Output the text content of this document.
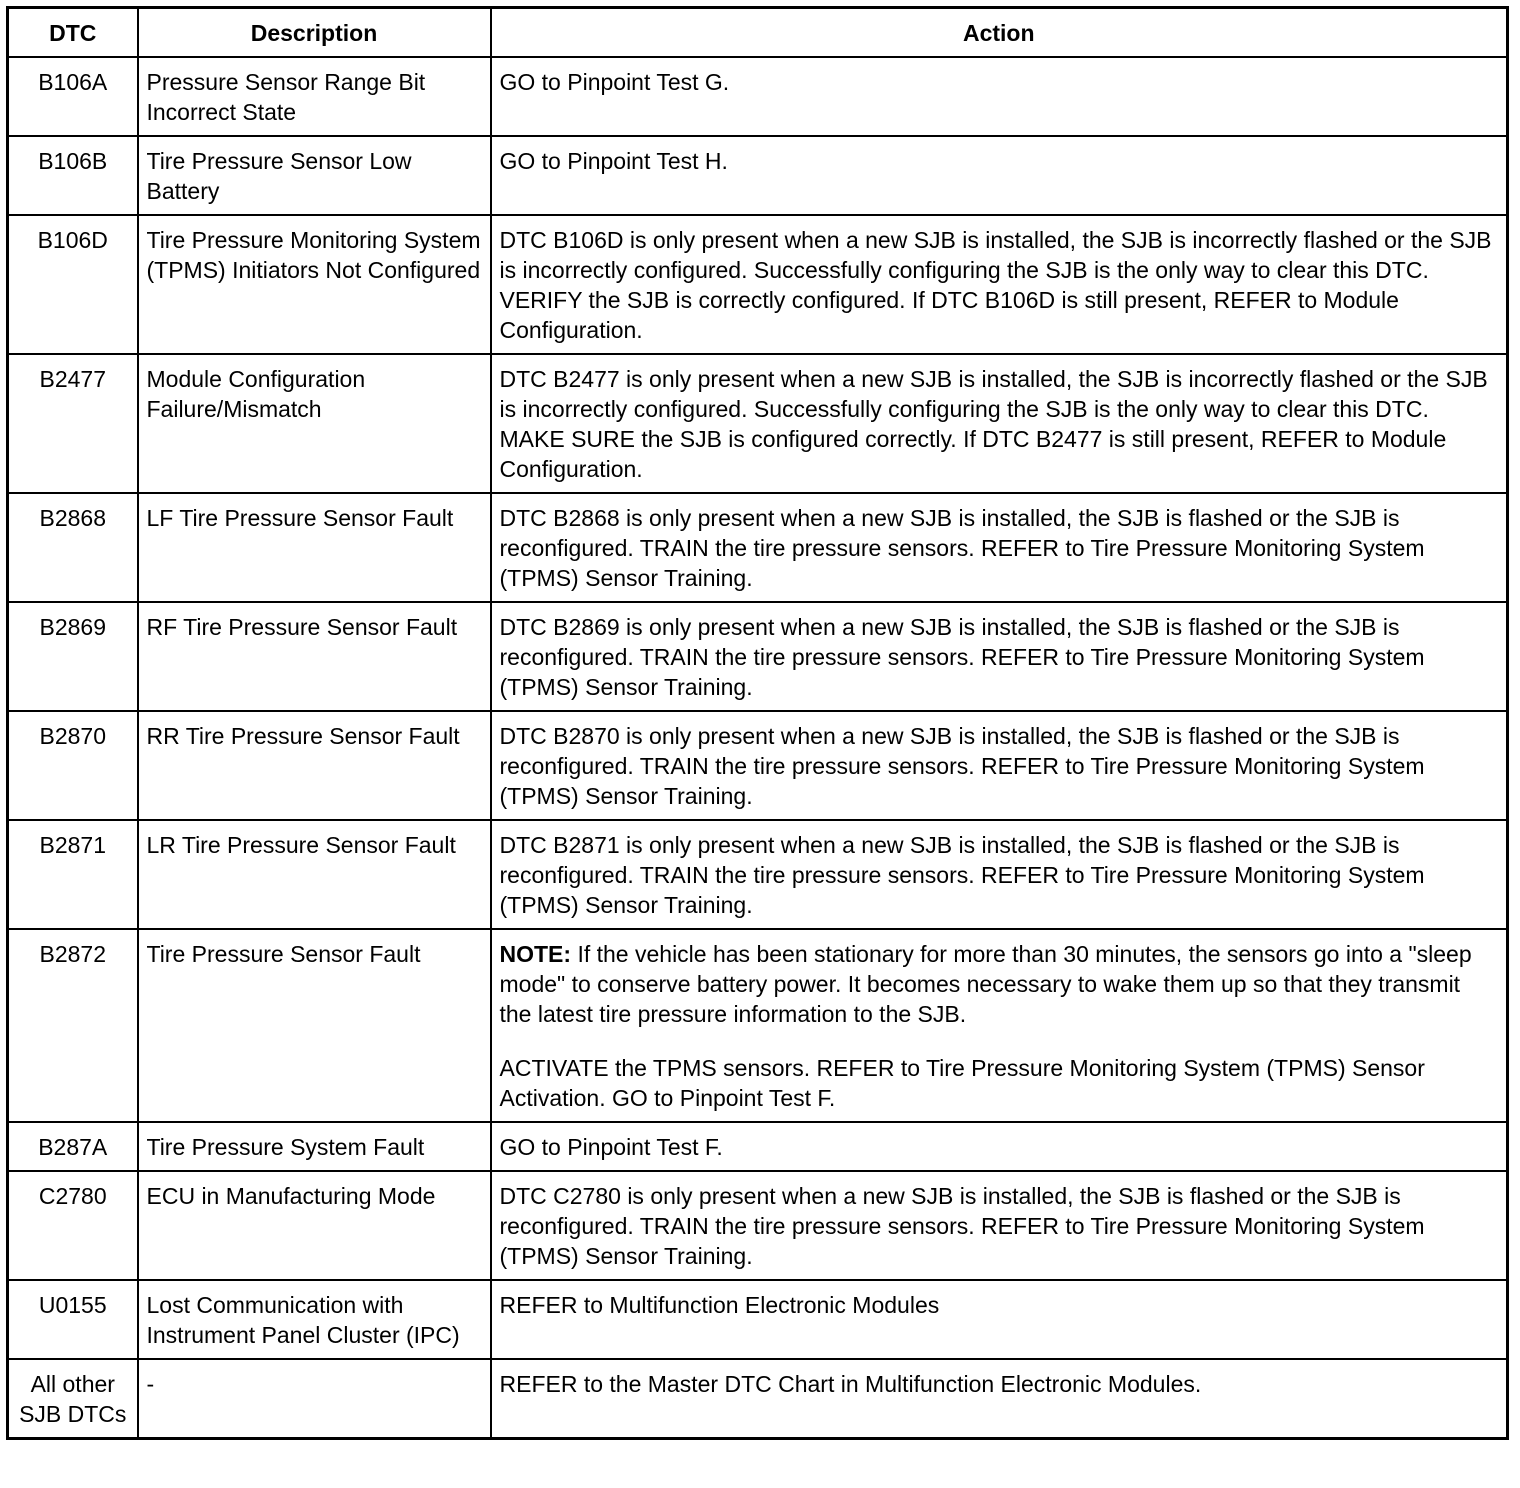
DTC	Description	Action
B106A	Pressure Sensor Range Bit Incorrect State	GO to Pinpoint Test G.
B106B	Tire Pressure Sensor Low Battery	GO to Pinpoint Test H.
B106D	Tire Pressure Monitoring System (TPMS) Initiators Not Configured	DTC B106D is only present when a new SJB is installed, the SJB is incorrectly flashed or the SJB is incorrectly configured. Successfully configuring the SJB is the only way to clear this DTC. VERIFY the SJB is correctly configured. If DTC B106D is still present, REFER to Module Configuration.
B2477	Module Configuration Failure/Mismatch	DTC B2477 is only present when a new SJB is installed, the SJB is incorrectly flashed or the SJB is incorrectly configured. Successfully configuring the SJB is the only way to clear this DTC. MAKE SURE the SJB is configured correctly. If DTC B2477 is still present, REFER to Module Configuration.
B2868	LF Tire Pressure Sensor Fault	DTC B2868 is only present when a new SJB is installed, the SJB is flashed or the SJB is reconfigured. TRAIN the tire pressure sensors. REFER to Tire Pressure Monitoring System (TPMS) Sensor Training.
B2869	RF Tire Pressure Sensor Fault	DTC B2869 is only present when a new SJB is installed, the SJB is flashed or the SJB is reconfigured. TRAIN the tire pressure sensors. REFER to Tire Pressure Monitoring System (TPMS) Sensor Training.
B2870	RR Tire Pressure Sensor Fault	DTC B2870 is only present when a new SJB is installed, the SJB is flashed or the SJB is reconfigured. TRAIN the tire pressure sensors. REFER to Tire Pressure Monitoring System (TPMS) Sensor Training.
B2871	LR Tire Pressure Sensor Fault	DTC B2871 is only present when a new SJB is installed, the SJB is flashed or the SJB is reconfigured. TRAIN the tire pressure sensors. REFER to Tire Pressure Monitoring System (TPMS) Sensor Training.
B2872	Tire Pressure Sensor Fault	NOTE: If the vehicle has been stationary for more than 30 minutes, the sensors go into a "sleep mode" to conserve battery power. It becomes necessary to wake them up so that they transmit the latest tire pressure information to the SJB.

ACTIVATE the TPMS sensors. REFER to Tire Pressure Monitoring System (TPMS) Sensor Activation. GO to Pinpoint Test F.

B287A	Tire Pressure System Fault	GO to Pinpoint Test F.
C2780	ECU in Manufacturing Mode	DTC C2780 is only present when a new SJB is installed, the SJB is flashed or the SJB is reconfigured. TRAIN the tire pressure sensors. REFER to Tire Pressure Monitoring System (TPMS) Sensor Training.
U0155	Lost Communication with Instrument Panel Cluster (IPC)	REFER to Multifunction Electronic Modules
All other SJB DTCs	-	REFER to the Master DTC Chart in Multifunction Electronic Modules.
